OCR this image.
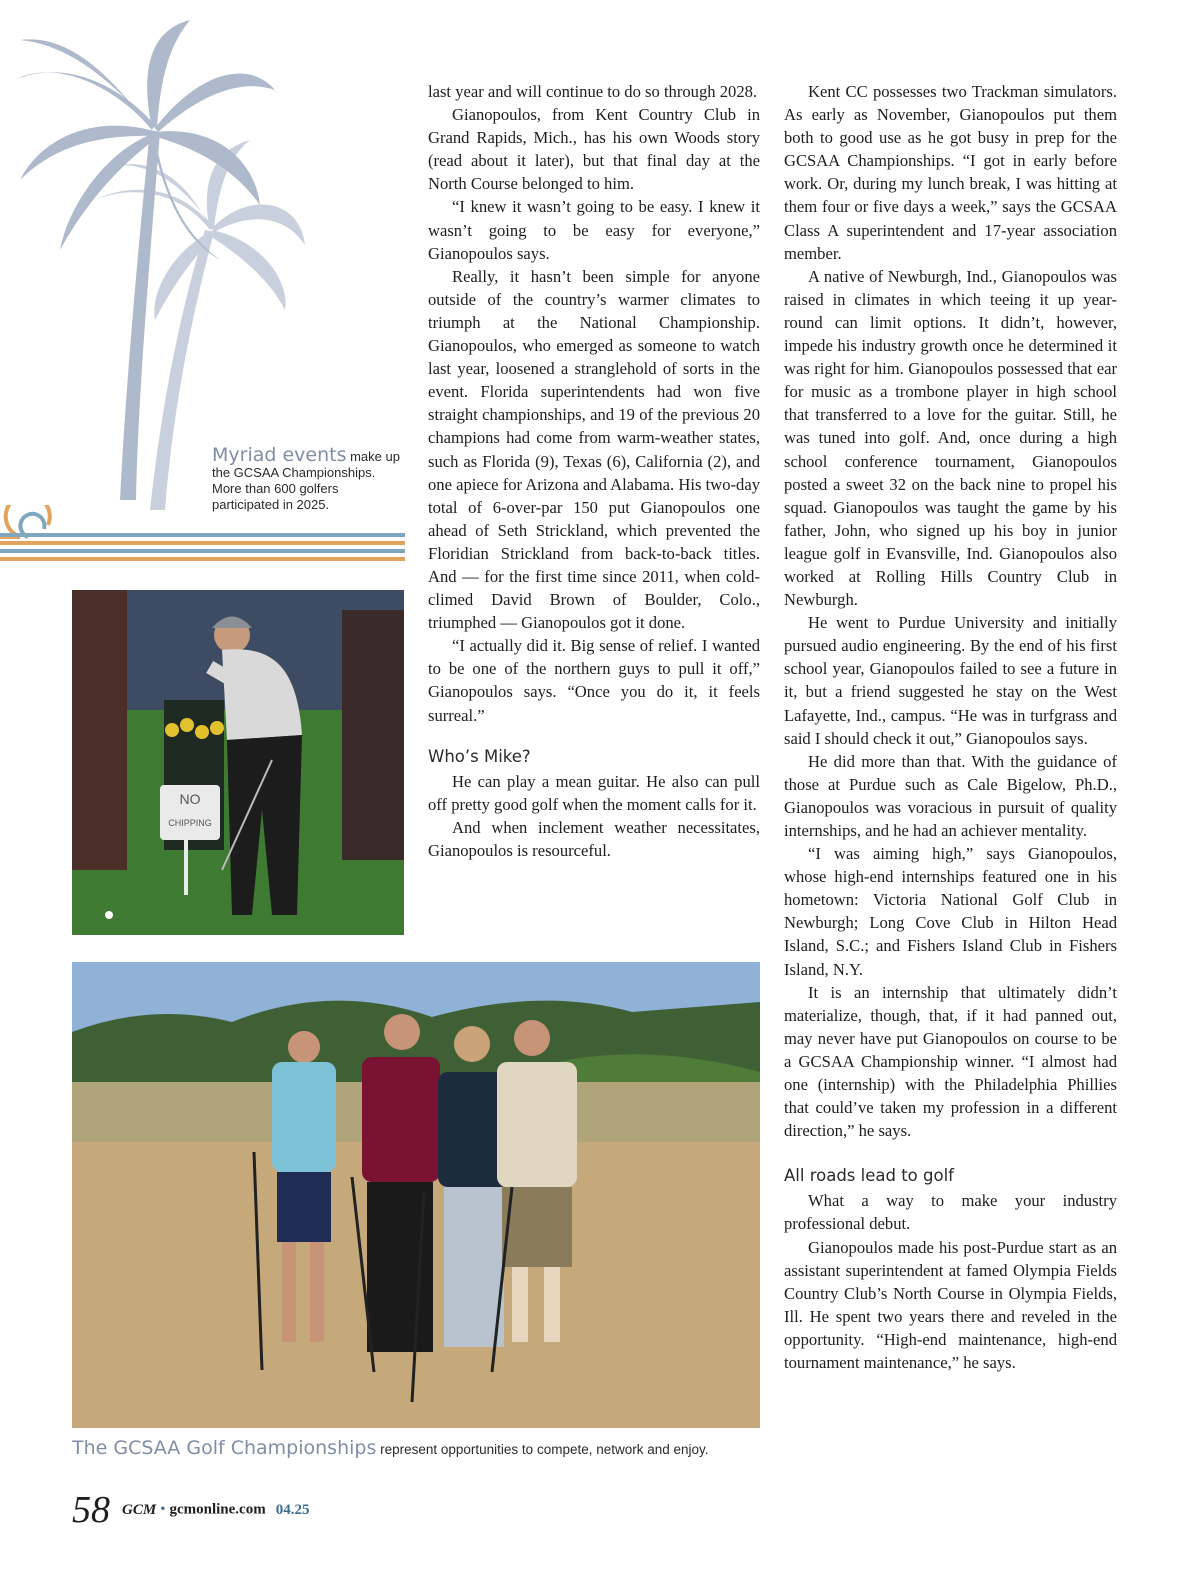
Myriad events make up the GCSAA Championships. More than 600 golfers participated in 2025.
NO
CHIPPING

last year and will continue to do so through 2028.

Gianopoulos, from Kent Country Club in Grand Rapids, Mich., has his own Woods story (read about it later), but that final day at the North Course belonged to him.

“I knew it wasn’t going to be easy. I knew it wasn’t going to be easy for everyone,” Gianopoulos says.

Really, it hasn’t been simple for anyone outside of the country’s warmer climates to triumph at the National Championship. Gianopoulos, who emerged as someone to watch last year, loosened a stranglehold of sorts in the event. Florida superintendents had won five straight championships, and 19 of the previous 20 champions had come from warm-weather states, such as Florida (9), Texas (6), California (2), and one apiece for Arizona and Alabama. His two-day total of 6-over-par 150 put Gianopoulos one ahead of Seth Strickland, which prevented the Floridian Strickland from back-to-back titles. And — for the first time since 2011, when cold-climed David Brown of Boulder, Colo., triumphed — Gianopoulos got it done.

“I actually did it. Big sense of relief. I wanted to be one of the northern guys to pull it off,” Gianopoulos says. “Once you do it, it feels surreal.”

Who’s Mike?

He can play a mean guitar. He also can pull off pretty good golf when the moment calls for it.

And when inclement weather necessitates, Gianopoulos is resourceful.

Kent CC possesses two Trackman simulators. As early as November, Gianopoulos put them both to good use as he got busy in prep for the GCSAA Championships. “I got in early before work. Or, during my lunch break, I was hitting at them four or five days a week,” says the GCSAA Class A superintendent and 17-year association member.

A native of Newburgh, Ind., Gianopoulos was raised in climates in which teeing it up year-round can limit options. It didn’t, however, impede his industry growth once he determined it was right for him. Gianopoulos possessed that ear for music as a trombone player in high school that transferred to a love for the guitar. Still, he was tuned into golf. And, once during a high school conference tournament, Gianopoulos posted a sweet 32 on the back nine to propel his squad. Gianopoulos was taught the game by his father, John, who signed up his boy in junior league golf in Evansville, Ind. Gianopoulos also worked at Rolling Hills Country Club in Newburgh.

He went to Purdue University and initially pursued audio engineering. By the end of his first school year, Gianopoulos failed to see a future in it, but a friend suggested he stay on the West Lafayette, Ind., campus. “He was in turfgrass and said I should check it out,” Gianopoulos says.

He did more than that. With the guidance of those at Purdue such as Cale Bigelow, Ph.D., Gianopoulos was voracious in pursuit of quality internships, and he had an achiever mentality.

“I was aiming high,” says Gianopoulos, whose high-end internships featured one in his hometown: Victoria National Golf Club in Newburgh; Long Cove Club in Hilton Head Island, S.C.; and Fishers Island Club in Fishers Island, N.Y.

It is an internship that ultimately didn’t materialize, though, that, if it had panned out, may never have put Gianopoulos on course to be a GCSAA Championship winner. “I almost had one (internship) with the Philadelphia Phillies that could’ve taken my profession in a different direction,” he says.

All roads lead to golf

What a way to make your industry professional debut.

Gianopoulos made his post-Purdue start as an assistant superintendent at famed Olympia Fields Country Club’s North Course in Olympia Fields, Ill. He spent two years there and reveled in the opportunity. “High-end maintenance, high-end tournament maintenance,” he says.

The GCSAA Golf Championships represent opportunities to compete, network and enjoy.
58 GCM • gcmonline.com 04.25
